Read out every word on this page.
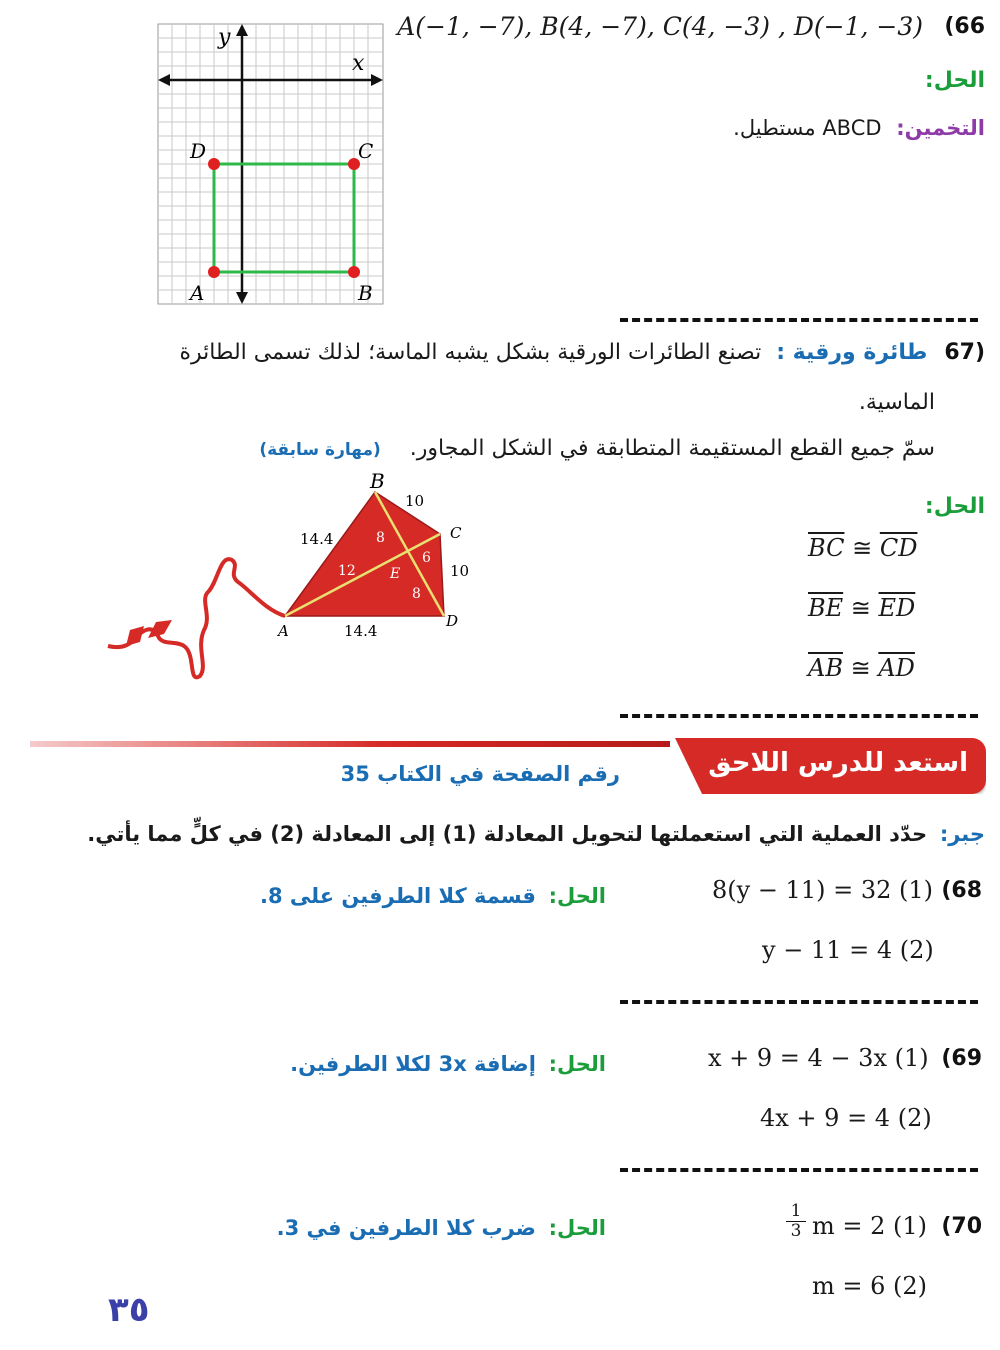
A(−1, −7), B(4, −7), C(4, −3) , D(−1, −3) (66
الحل:
التخمين: ABCD مستطيل.
y
x
D	C
A	B
(67 طائرة ورقية : تصنع الطائرات الورقية بشكل يشبه الماسة؛ لذلك تسمى الطائرة
الماسية.
سمّ جميع القطع المستقيمة المتطابقة في الشكل المجاور. (مهارة سابقة)
الحل:
$\overline{BC}$ ≅ $\overline{CD}$
$\overline{BE}$ ≅ $\overline{ED}$
$\overline{AB}$ ≅ $\overline{AD}$
B
C
D
A
E
14.4
10
10
14.4
8
6
12
8
استعد للدرس اللاحق
رقم الصفحة في الكتاب 35
جبر: حدّد العملية التي استعملتها لتحويل المعادلة (1) إلى المعادلة (2) في كلٍّ مما يأتي.
(68
8(y − 11) = 32 (1)
y − 11 = 4 (2)
الحل: قسمة كلا الطرفين على 8.
(69
x + 9 = 4 − 3x (1)
4x + 9 = 4 (2)
الحل: إضافة 3x لكلا الطرفين.
(70
$\frac{1}{3}$ m = 2 (1)
m = 6 (2)
الحل: ضرب كلا الطرفين في 3.
٣٥
